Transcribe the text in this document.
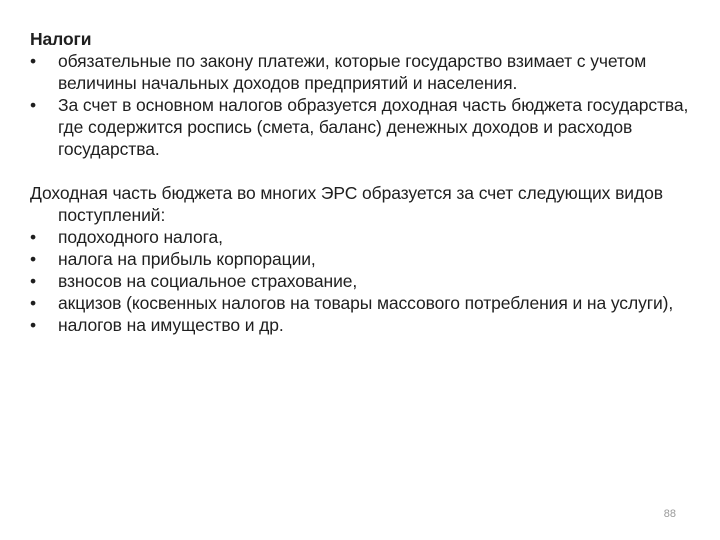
Налоги

• обязательные по закону платежи, которые государство взимает с учетом величины начальных доходов предприятий и населения.
• За счет в основном налогов образуется доходная часть бюджета государства, где содержится роспись (смета, баланс) денежных доходов и расходов государства.

Доходная часть бюджета во многих ЭРС образуется за счет следующих видов поступлений:

• подоходного налога,
• налога на прибыль корпорации,
• взносов на социальное страхование,
• акцизов (косвенных налогов на товары массового потребления и на услуги),
• налогов на имущество и др.
88
